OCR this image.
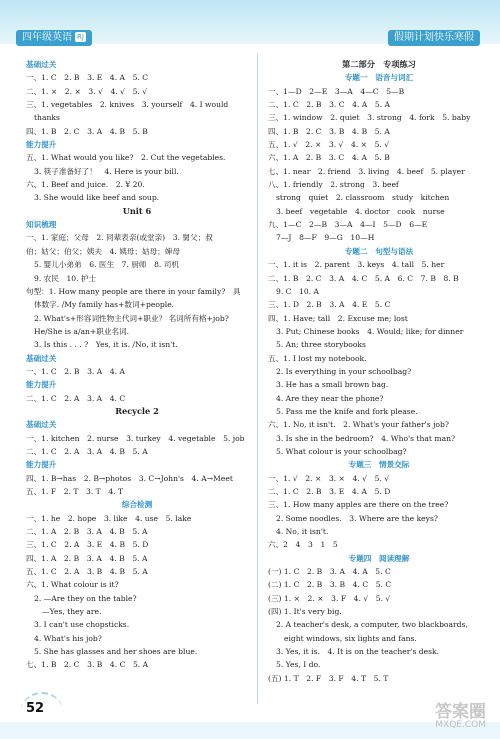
四年级英语 RJ	假期计划快乐寒假
基础过关
一、1. C　2. B　3. E　4. A　5. C
二、1. ×　2. ×　3. √　4. √　5. √
三、1. vegetables　2. knives　3. yourself　4. I would
thanks
四、1. B　2. C　3. A　4. B　5. B
能力提升
五、1. What would you like?　2. Cut the vegetables.
3. 筷子准备好了！　4. Here is your bill.
六、1. Beef and juice.　2. ¥ 20.
3. She would like beef and soup.
Unit 6
知识梳理
一、1. 家庭；父母　2. 同辈表亲(或堂亲)　3. 舅父；叔
伯；姑父；伯父；姨夫　4. 姨母；姑母；婶母
5. 婴儿小弟弟　6. 医生　7. 厨师　8. 司机
9. 农民　10. 护士
句型：1. How many people are there in your family?　具
体数字. /My family has+数词+people.
2. What's+形容词性物主代词+职业？ 名词所有格+job?
He/She is a/an+职业名词.
3. Is this . . . ?　Yes, it is. /No, it isn't.
基础过关
一、1. C　2. B　3. A　4. A
能力提升
二、1. C　2. A　3. A　4. C
Recycle 2
基础过关
一、1. kitchen　2. nurse　3. turkey　4. vegetable　5. job
二、1. C　2. A　3. A　4. B　5. A
能力提升
四、1. B→has　2. B→photos　3. C→John's　4. A→Meet
五、1. F　2. T　3. T　4. T
综合检测
一、1. he　2. hope　3. like　4. use　5. lake
二、1. A　2. B　3. A　4. B　5. A
三、1. C　2. A　3. E　4. B　5. D
四、1. A　2. B　3. A　4. B　5. A
五、1. C　2. A　3. B　4. B　5. A
六、1. What colour is it?
2. —Are they on the table?
—Yes, they are.
3. I can't use chopsticks.
4. What's his job?
5. She has glasses and her shoes are blue.
七、1. B　2. C　3. B　4. C　5. A
第二部分　专项练习
专题一　语音与词汇
一、1—D　2—E　3—A　4—C　5—B
二、1. C　2. B　3. C　4. A　5. A
三、1. window　2. quiet　3. strong　4. fork　5. baby
四、1. B　2. C　3. B　4. B　5. A
五、1. √　2. ×　3. √　4. ×　5. √
六、1. A　2. B　3. C　4. A　5. B
七、1. near　2. friend　3. living　4. beef　5. player
八、1. friendly　2. strong　3. beef
strong　quiet　2. classroom　study　kitchen
3. beef　vegetable　4. doctor　cook　nurse
九、1—C　2—B　3—A　4—I　5—D　6—E
7—J　8—F　9—G　10—H
专题二　句型与语法
一、1. it is　2. parent　3. keys　4. tall　5. her
二、1. B　2. C　3. A　4. C　5. A　6. C　7. B　8. B
9. C　10. A
三、1. D　2. B　3. A　4. E　5. C
四、1. Have; tall　2. Excuse me; lost
3. Put; Chinese books　4. Would; like; for dinner
5. An; three storybooks
五、1. I lost my notebook.
2. Is everything in your schoolbag?
3. He has a small brown bag.
4. Are they near the phone?
5. Pass me the knife and fork please.
六、1. No, it isn't.　2. What's your father's job?
3. Is she in the bedroom?　4. Who's that man?
5. What colour is your schoolbag?
专题三　情景交际
一、1. √　2. ×　3. ×　4. √　5. √
二、1. C　2. B　3. E　4. A　5. D
三、1. How many apples are there on the tree?
2. Some noodles.　3. Where are the keys?
4. No, it isn't.
六、2　4　3　1　5
专题四　阅读理解
(一) 1. C　2. B　3. A　4. A　5. C
(二) 1. C　2. B　3. B　4. C　5. C
(三) 1. ×　2. ×　3. F　4. √　5. √
(四) 1. It's very big.
2. A teacher's desk, a computer, two blackboards,
eight windows, six lights and fans.
3. Yes, it is.　4. It is on the teacher's desk.
5. Yes, I do.
(五) 1. T　2. F　3. F　4. T　5. T
52	答案圈
MXQE.COM
